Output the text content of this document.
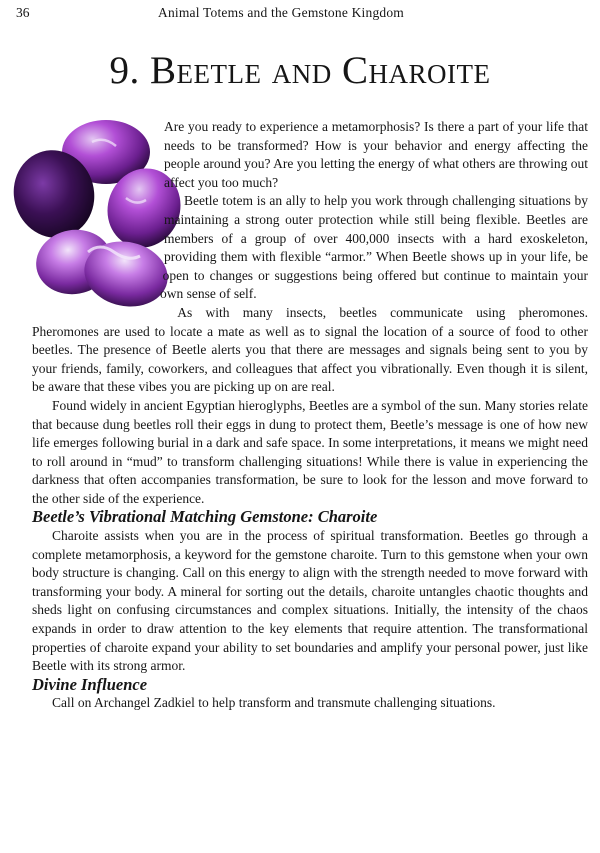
36	Animal Totems and the Gemstone Kingdom
9. Beetle and Charoite

Are you ready to experience a metamorphosis? Is there a part of your life that needs to be transformed? How is your behavior and energy affecting the people around you? Are you letting the energy of what others are throwing out affect you too much?

Beetle totem is an ally to help you work through challenging situations by maintaining a strong outer protection while still being flexible. Beetles are members of a group of over 400,000 insects with a hard exoskeleton, providing them with flexible “armor.” When Beetle shows up in your life, be open to changes or suggestions being offered but continue to maintain your own sense of self.

As with many insects, beetles communicate using pheromones. Pheromones are used to locate a mate as well as to signal the location of a source of food to other beetles. The presence of Beetle alerts you that there are messages and signals being sent to you by your friends, family, coworkers, and colleagues that affect you vibrationally. Even though it is silent, be aware that these vibes you are picking up on are real.

Found widely in ancient Egyptian hieroglyphs, Beetles are a symbol of the sun. Many stories relate that because dung beetles roll their eggs in dung to protect them, Beetle’s message is one of how new life emerges following burial in a dark and safe space. In some interpretations, it means we might need to roll around in “mud” to transform challenging situations! While there is value in experiencing the darkness that often accompanies transformation, be sure to look for the lesson and move forward to the other side of the experience.

Beetle’s Vibrational Matching Gemstone: Charoite

Charoite assists when you are in the process of spiritual transformation. Beetles go through a complete metamorphosis, a keyword for the gemstone charoite. Turn to this gemstone when your own body structure is changing. Call on this energy to align with the strength needed to move forward with transforming your body. A mineral for sorting out the details, charoite untangles chaotic thoughts and sheds light on confusing circumstances and complex situations. Initially, the intensity of the chaos expands in order to draw attention to the key elements that require attention. The transformational properties of charoite expand your ability to set boundaries and amplify your personal power, just like Beetle with its strong armor.

Divine Influence

Call on Archangel Zadkiel to help transform and transmute challenging situations.
